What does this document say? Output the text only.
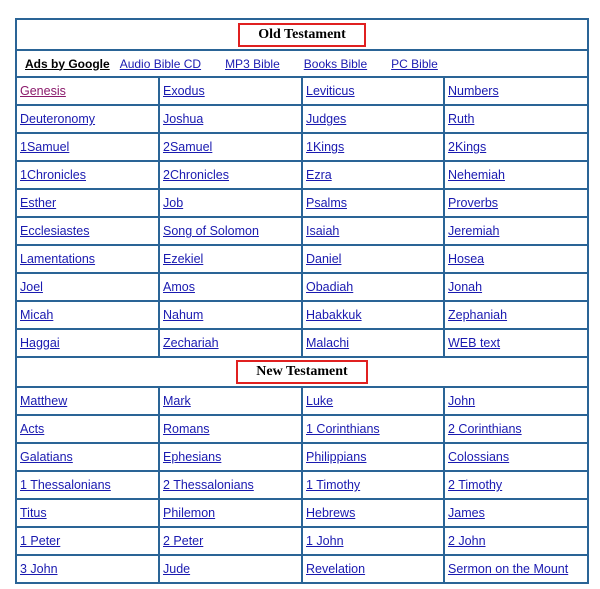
Old Testament
Ads by Google Audio Bible CD MP3 Bible Books Bible PC Bible
Genesis	Exodus	Leviticus	Numbers
Deuteronomy	Joshua	Judges	Ruth
1Samuel	2Samuel	1Kings	2Kings
1Chronicles	2Chronicles	Ezra	Nehemiah
Esther	Job	Psalms	Proverbs
Ecclesiastes	Song of Solomon	Isaiah	Jeremiah
Lamentations	Ezekiel	Daniel	Hosea
Joel	Amos	Obadiah	Jonah
Micah	Nahum	Habakkuk	Zephaniah
Haggai	Zechariah	Malachi	WEB text
New Testament
Matthew	Mark	Luke	John
Acts	Romans	1 Corinthians	2 Corinthians
Galatians	Ephesians	Philippians	Colossians
1 Thessalonians	2 Thessalonians	1 Timothy	2 Timothy
Titus	Philemon	Hebrews	James
1 Peter	2 Peter	1 John	2 John
3 John	Jude	Revelation	Sermon on the Mount
